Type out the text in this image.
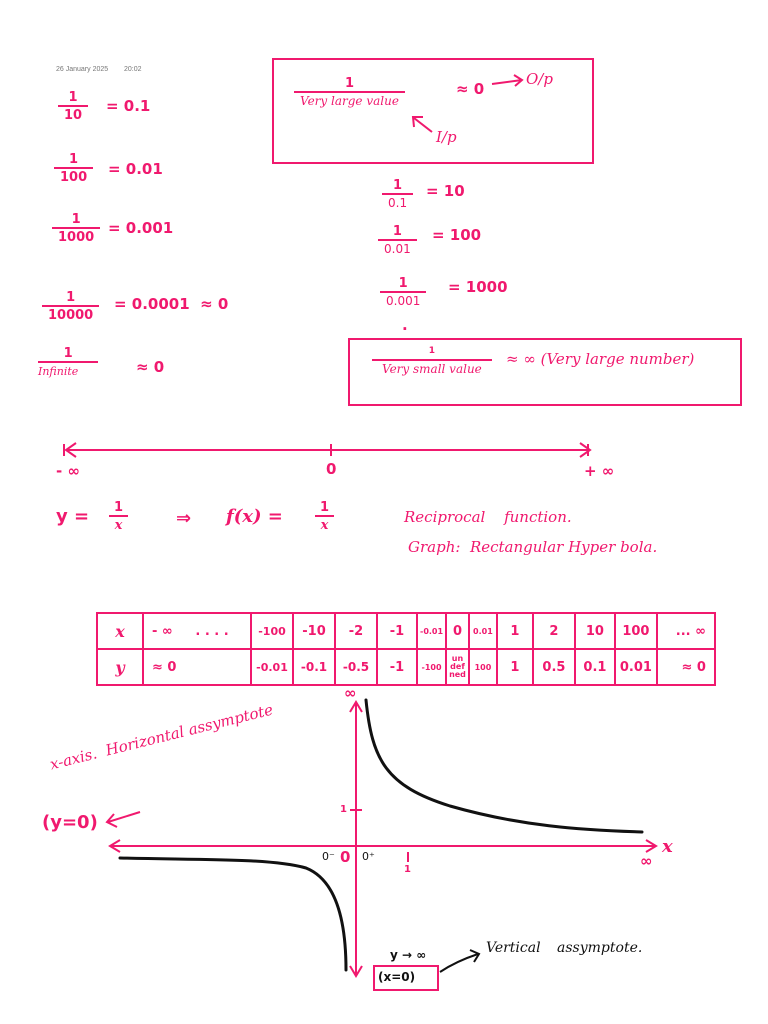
26 January 2025 20:02
$\frac{1}{10} = 0.1$
$\frac{1}{100} = 0.01$
$\frac{1}{1000} = 0.001$
$\frac{1}{10000} = 0.0001 \approx 0$
1
Infinite	≈ 0
1
Very large value
≈ 0
O/p
I/p
$\frac{1}{0.1} = 10$
$\frac{1}{0.01} = 100$
$\frac{1}{0.001} = 1000$
.
1
Very small value
≈ ∞ (Very large number)
- ∞	0	+ ∞
$y = \frac{1}{x}$	⇒ $f(x) = \frac{1}{x}$	Reciprocal function.
Graph:  Rectangular Hyper bola.
x	- ∞     . . . .	-100	-10	-2	-1	-0.01	0	0.01	1	2	10	100	... ∞
y	≈ 0	-0.01	-0.1	-0.5	-1	-100	un def ned	100	1	0.5	0.1	0.01	≈ 0
∞
x
∞
0⁻ 0 0⁺
1
1
x-axis.  Horizontal assymptote
(y=0)
y → ∞
(x=0)
Vertical assymptote.
